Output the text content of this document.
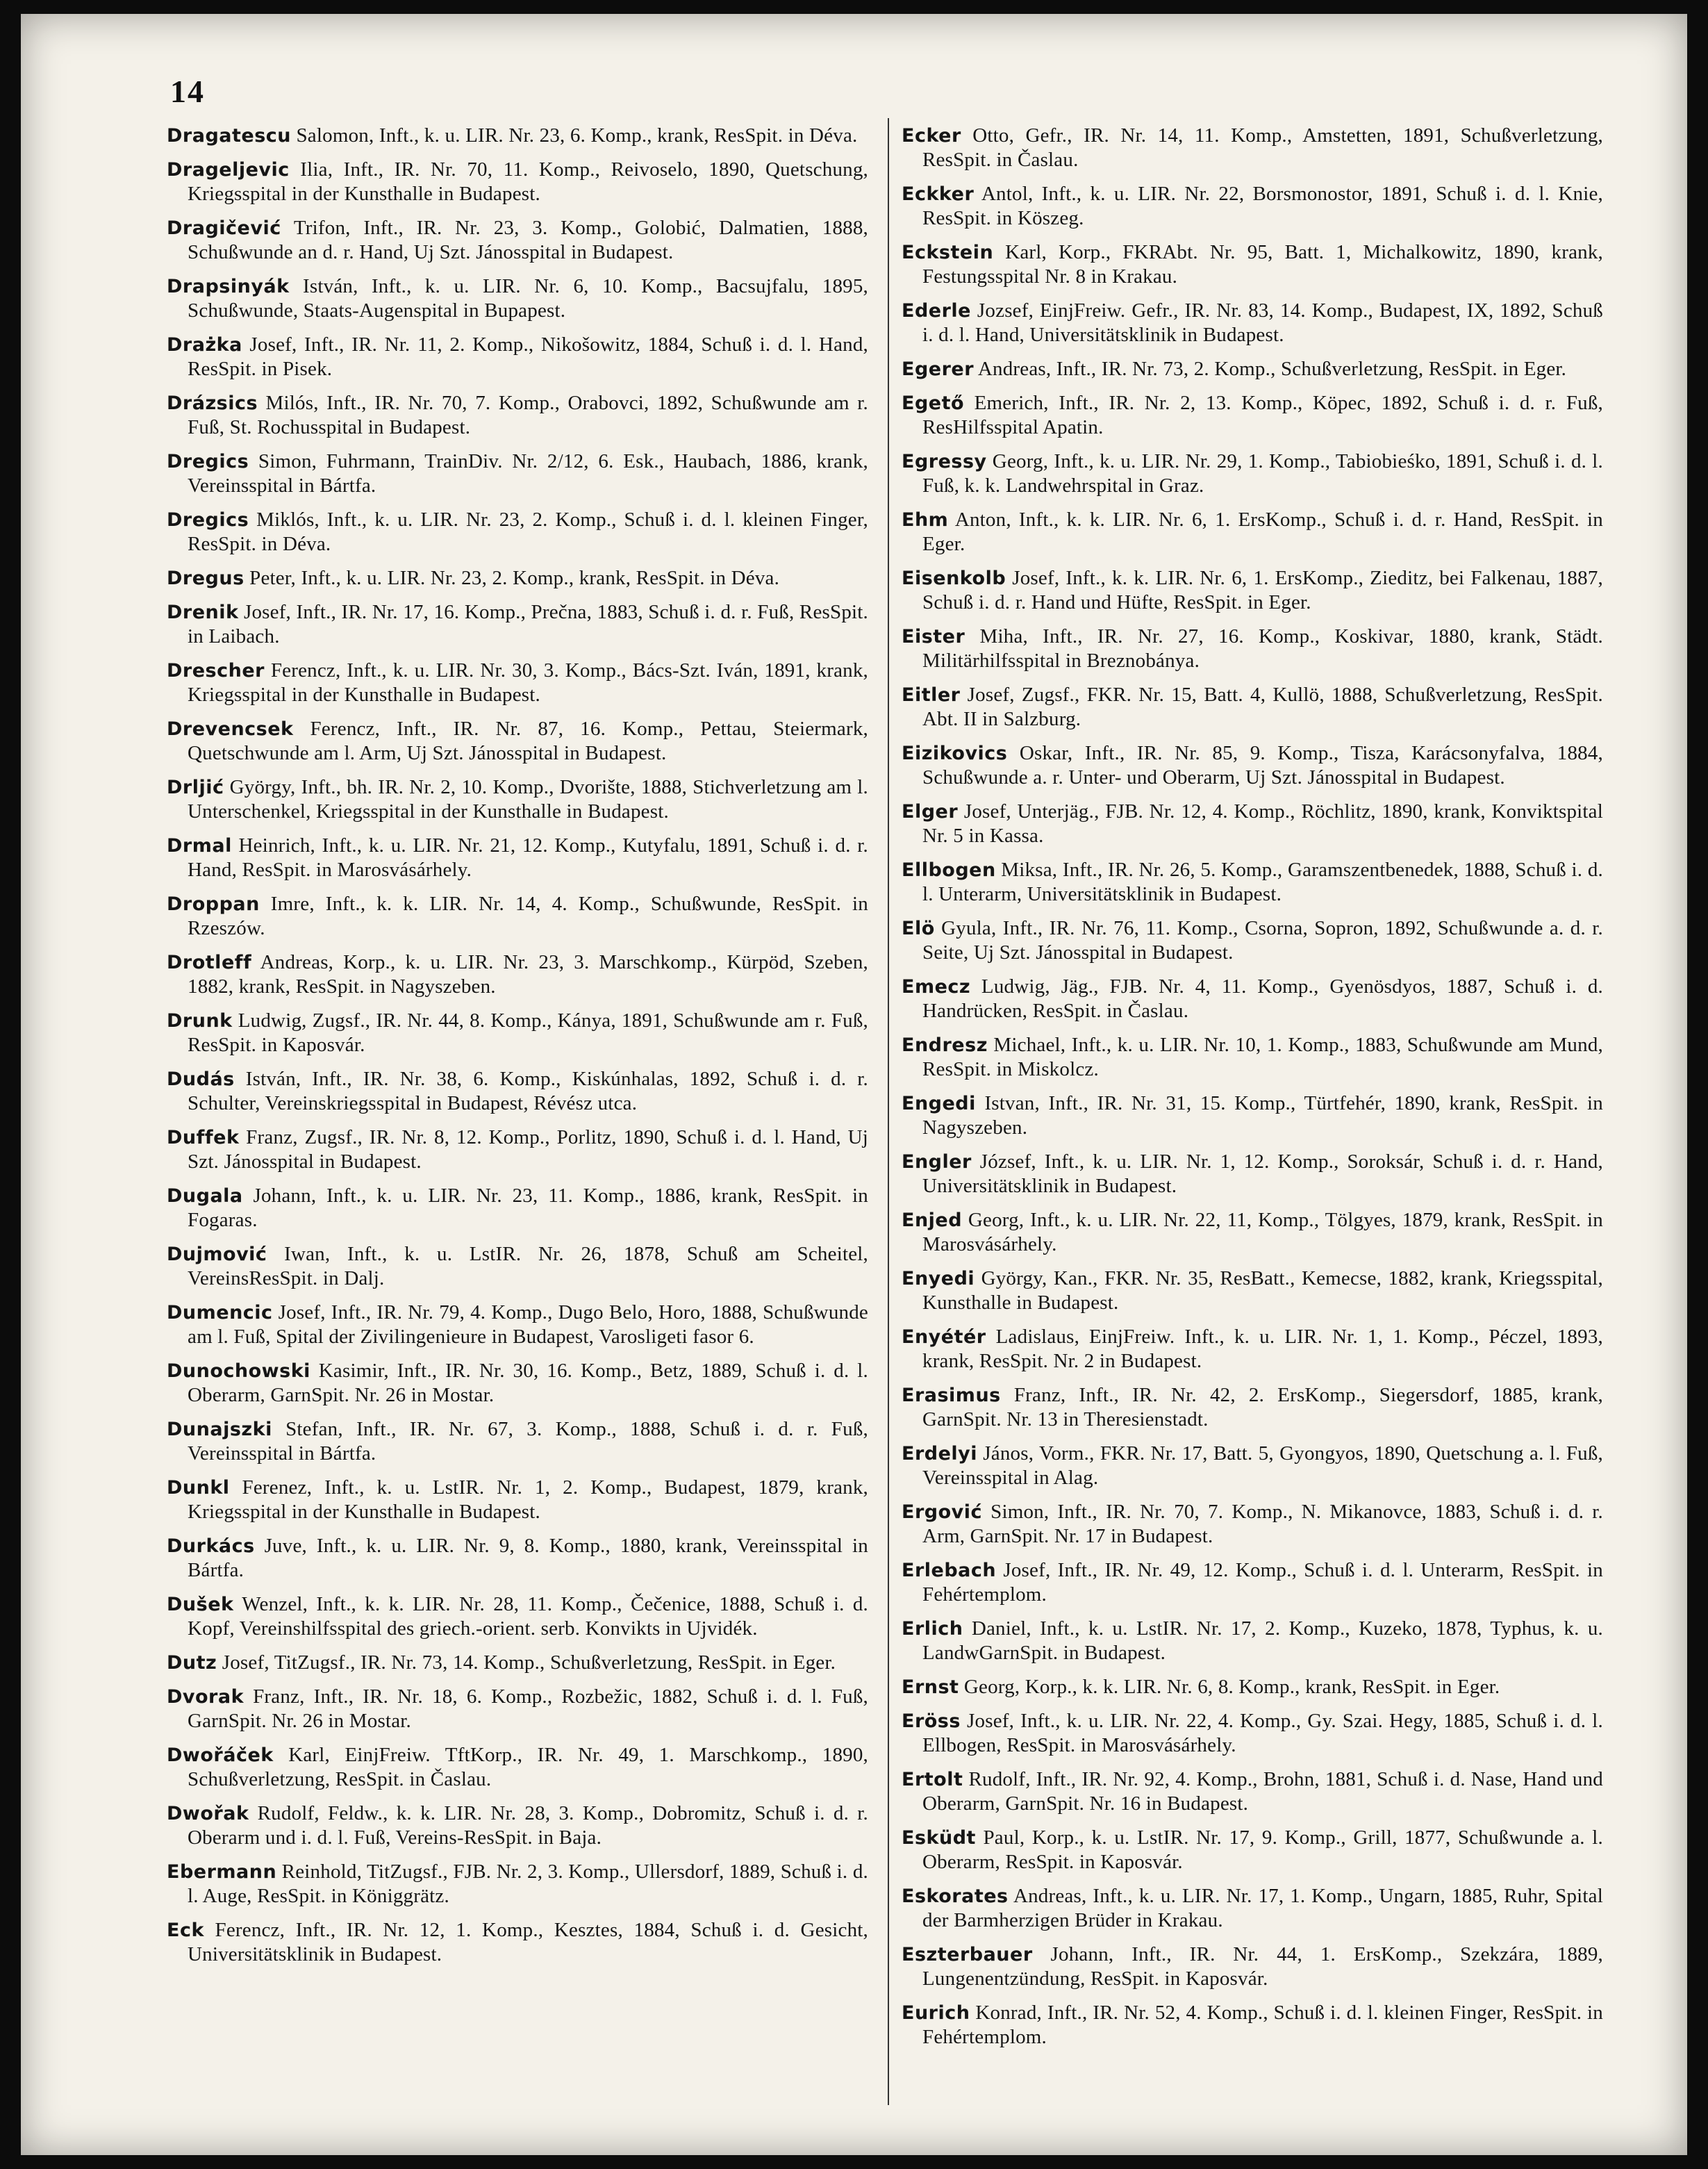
14

Dragatescu Salomon, Inft., k. u. LIR. Nr. 23, 6. Komp., krank, ResSpit. in Déva.

Drageljevic Ilia, Inft., IR. Nr. 70, 11. Komp., Reivoselo, 1890, Quetschung, Kriegsspital in der Kunsthalle in Budapest.

Dragičević Trifon, Inft., IR. Nr. 23, 3. Komp., Golobić, Dalmatien, 1888, Schußwunde an d. r. Hand, Uj Szt. Jánosspital in Budapest.

Drapsinyák István, Inft., k. u. LIR. Nr. 6, 10. Komp., Bacsujfalu, 1895, Schußwunde, Staats-Augenspital in Bupapest.

Drażka Josef, Inft., IR. Nr. 11, 2. Komp., Nikošowitz, 1884, Schuß i. d. l. Hand, ResSpit. in Pisek.

Drázsics Milós, Inft., IR. Nr. 70, 7. Komp., Orabovci, 1892, Schußwunde am r. Fuß, St. Rochusspital in Budapest.

Dregics Simon, Fuhrmann, TrainDiv. Nr. 2/12, 6. Esk., Haubach, 1886, krank, Vereinsspital in Bártfa.

Dregics Miklós, Inft., k. u. LIR. Nr. 23, 2. Komp., Schuß i. d. l. kleinen Finger, ResSpit. in Déva.

Dregus Peter, Inft., k. u. LIR. Nr. 23, 2. Komp., krank, ResSpit. in Déva.

Drenik Josef, Inft., IR. Nr. 17, 16. Komp., Prečna, 1883, Schuß i. d. r. Fuß, ResSpit. in Laibach.

Drescher Ferencz, Inft., k. u. LIR. Nr. 30, 3. Komp., Bács-Szt. Iván, 1891, krank, Kriegsspital in der Kunsthalle in Budapest.

Drevencsek Ferencz, Inft., IR. Nr. 87, 16. Komp., Pettau, Steiermark, Quetschwunde am l. Arm, Uj Szt. Jánosspital in Budapest.

Drljić György, Inft., bh. IR. Nr. 2, 10. Komp., Dvorište, 1888, Stichverletzung am l. Unterschenkel, Kriegsspital in der Kunsthalle in Budapest.

Drmal Heinrich, Inft., k. u. LIR. Nr. 21, 12. Komp., Kutyfalu, 1891, Schuß i. d. r. Hand, ResSpit. in Marosvásárhely.

Droppan Imre, Inft., k. k. LIR. Nr. 14, 4. Komp., Schußwunde, ResSpit. in Rzeszów.

Drotleff Andreas, Korp., k. u. LIR. Nr. 23, 3. Marschkomp., Kürpöd, Szeben, 1882, krank, ResSpit. in Nagyszeben.

Drunk Ludwig, Zugsf., IR. Nr. 44, 8. Komp., Kánya, 1891, Schußwunde am r. Fuß, ResSpit. in Kaposvár.

Dudás István, Inft., IR. Nr. 38, 6. Komp., Kiskúnhalas, 1892, Schuß i. d. r. Schulter, Vereinskriegsspital in Budapest, Révész utca.

Duffek Franz, Zugsf., IR. Nr. 8, 12. Komp., Porlitz, 1890, Schuß i. d. l. Hand, Uj Szt. Jánosspital in Budapest.

Dugala Johann, Inft., k. u. LIR. Nr. 23, 11. Komp., 1886, krank, ResSpit. in Fogaras.

Dujmović Iwan, Inft., k. u. LstIR. Nr. 26, 1878, Schuß am Scheitel, VereinsResSpit. in Dalj.

Dumencic Josef, Inft., IR. Nr. 79, 4. Komp., Dugo Belo, Horo, 1888, Schußwunde am l. Fuß, Spital der Zivilingenieure in Budapest, Varosligeti fasor 6.

Dunochowski Kasimir, Inft., IR. Nr. 30, 16. Komp., Betz, 1889, Schuß i. d. l. Oberarm, GarnSpit. Nr. 26 in Mostar.

Dunajszki Stefan, Inft., IR. Nr. 67, 3. Komp., 1888, Schuß i. d. r. Fuß, Vereinsspital in Bártfa.

Dunkl Ferenez, Inft., k. u. LstIR. Nr. 1, 2. Komp., Budapest, 1879, krank, Kriegsspital in der Kunsthalle in Budapest.

Durkács Juve, Inft., k. u. LIR. Nr. 9, 8. Komp., 1880, krank, Vereinsspital in Bártfa.

Dušek Wenzel, Inft., k. k. LIR. Nr. 28, 11. Komp., Čečenice, 1888, Schuß i. d. Kopf, Vereinshilfsspital des griech.-orient. serb. Konvikts in Ujvidék.

Dutz Josef, TitZugsf., IR. Nr. 73, 14. Komp., Schußverletzung, ResSpit. in Eger.

Dvorak Franz, Inft., IR. Nr. 18, 6. Komp., Rozbežic, 1882, Schuß i. d. l. Fuß, GarnSpit. Nr. 26 in Mostar.

Dwořáček Karl, EinjFreiw. TftKorp., IR. Nr. 49, 1. Marschkomp., 1890, Schußverletzung, ResSpit. in Časlau.

Dwořak Rudolf, Feldw., k. k. LIR. Nr. 28, 3. Komp., Dobromitz, Schuß i. d. r. Oberarm und i. d. l. Fuß, Vereins-ResSpit. in Baja.

Ebermann Reinhold, TitZugsf., FJB. Nr. 2, 3. Komp., Ullersdorf, 1889, Schuß i. d. l. Auge, ResSpit. in Königgrätz.

Eck Ferencz, Inft., IR. Nr. 12, 1. Komp., Kesztes, 1884, Schuß i. d. Gesicht, Universitätsklinik in Budapest.

Ecker Otto, Gefr., IR. Nr. 14, 11. Komp., Amstetten, 1891, Schußverletzung, ResSpit. in Časlau.

Eckker Antol, Inft., k. u. LIR. Nr. 22, Borsmonostor, 1891, Schuß i. d. l. Knie, ResSpit. in Köszeg.

Eckstein Karl, Korp., FKRAbt. Nr. 95, Batt. 1, Michalkowitz, 1890, krank, Festungsspital Nr. 8 in Krakau.

Ederle Jozsef, EinjFreiw. Gefr., IR. Nr. 83, 14. Komp., Budapest, IX, 1892, Schuß i. d. l. Hand, Universitätsklinik in Budapest.

Egerer Andreas, Inft., IR. Nr. 73, 2. Komp., Schußverletzung, ResSpit. in Eger.

Egető Emerich, Inft., IR. Nr. 2, 13. Komp., Köpec, 1892, Schuß i. d. r. Fuß, ResHilfsspital Apatin.

Egressy Georg, Inft., k. u. LIR. Nr. 29, 1. Komp., Tabiobieśko, 1891, Schuß i. d. l. Fuß, k. k. Landwehrspital in Graz.

Ehm Anton, Inft., k. k. LIR. Nr. 6, 1. ErsKomp., Schuß i. d. r. Hand, ResSpit. in Eger.

Eisenkolb Josef, Inft., k. k. LIR. Nr. 6, 1. ErsKomp., Zieditz, bei Falkenau, 1887, Schuß i. d. r. Hand und Hüfte, ResSpit. in Eger.

Eister Miha, Inft., IR. Nr. 27, 16. Komp., Koskivar, 1880, krank, Städt. Militärhilfsspital in Breznobánya.

Eitler Josef, Zugsf., FKR. Nr. 15, Batt. 4, Kullö, 1888, Schußverletzung, ResSpit. Abt. II in Salzburg.

Eizikovics Oskar, Inft., IR. Nr. 85, 9. Komp., Tisza, Karácsonyfalva, 1884, Schußwunde a. r. Unter- und Oberarm, Uj Szt. Jánosspital in Budapest.

Elger Josef, Unterjäg., FJB. Nr. 12, 4. Komp., Röchlitz, 1890, krank, Konviktspital Nr. 5 in Kassa.

Ellbogen Miksa, Inft., IR. Nr. 26, 5. Komp., Garamszentbenedek, 1888, Schuß i. d. l. Unterarm, Universitätsklinik in Budapest.

Elö Gyula, Inft., IR. Nr. 76, 11. Komp., Csorna, Sopron, 1892, Schußwunde a. d. r. Seite, Uj Szt. Jánosspital in Budapest.

Emecz Ludwig, Jäg., FJB. Nr. 4, 11. Komp., Gyenösdyos, 1887, Schuß i. d. Handrücken, ResSpit. in Časlau.

Endresz Michael, Inft., k. u. LIR. Nr. 10, 1. Komp., 1883, Schußwunde am Mund, ResSpit. in Miskolcz.

Engedi Istvan, Inft., IR. Nr. 31, 15. Komp., Türtfehér, 1890, krank, ResSpit. in Nagyszeben.

Engler József, Inft., k. u. LIR. Nr. 1, 12. Komp., Soroksár, Schuß i. d. r. Hand, Universitätsklinik in Budapest.

Enjed Georg, Inft., k. u. LIR. Nr. 22, 11, Komp., Tölgyes, 1879, krank, ResSpit. in Marosvásárhely.

Enyedi György, Kan., FKR. Nr. 35, ResBatt., Kemecse, 1882, krank, Kriegsspital, Kunsthalle in Budapest.

Enyétér Ladislaus, EinjFreiw. Inft., k. u. LIR. Nr. 1, 1. Komp., Péczel, 1893, krank, ResSpit. Nr. 2 in Budapest.

Erasimus Franz, Inft., IR. Nr. 42, 2. ErsKomp., Siegersdorf, 1885, krank, GarnSpit. Nr. 13 in Theresienstadt.

Erdelyi János, Vorm., FKR. Nr. 17, Batt. 5, Gyongyos, 1890, Quetschung a. l. Fuß, Vereinsspital in Alag.

Ergović Simon, Inft., IR. Nr. 70, 7. Komp., N. Mikanovce, 1883, Schuß i. d. r. Arm, GarnSpit. Nr. 17 in Budapest.

Erlebach Josef, Inft., IR. Nr. 49, 12. Komp., Schuß i. d. l. Unterarm, ResSpit. in Fehértemplom.

Erlich Daniel, Inft., k. u. LstIR. Nr. 17, 2. Komp., Kuzeko, 1878, Typhus, k. u. LandwGarnSpit. in Budapest.

Ernst Georg, Korp., k. k. LIR. Nr. 6, 8. Komp., krank, ResSpit. in Eger.

Eröss Josef, Inft., k. u. LIR. Nr. 22, 4. Komp., Gy. Szai. Hegy, 1885, Schuß i. d. l. Ellbogen, ResSpit. in Marosvásárhely.

Ertolt Rudolf, Inft., IR. Nr. 92, 4. Komp., Brohn, 1881, Schuß i. d. Nase, Hand und Oberarm, GarnSpit. Nr. 16 in Budapest.

Esküdt Paul, Korp., k. u. LstIR. Nr. 17, 9. Komp., Grill, 1877, Schußwunde a. l. Oberarm, ResSpit. in Kaposvár.

Eskorates Andreas, Inft., k. u. LIR. Nr. 17, 1. Komp., Ungarn, 1885, Ruhr, Spital der Barmherzigen Brüder in Krakau.

Eszterbauer Johann, Inft., IR. Nr. 44, 1. ErsKomp., Szekzára, 1889, Lungenentzündung, ResSpit. in Kaposvár.

Eurich Konrad, Inft., IR. Nr. 52, 4. Komp., Schuß i. d. l. kleinen Finger, ResSpit. in Fehértemplom.
